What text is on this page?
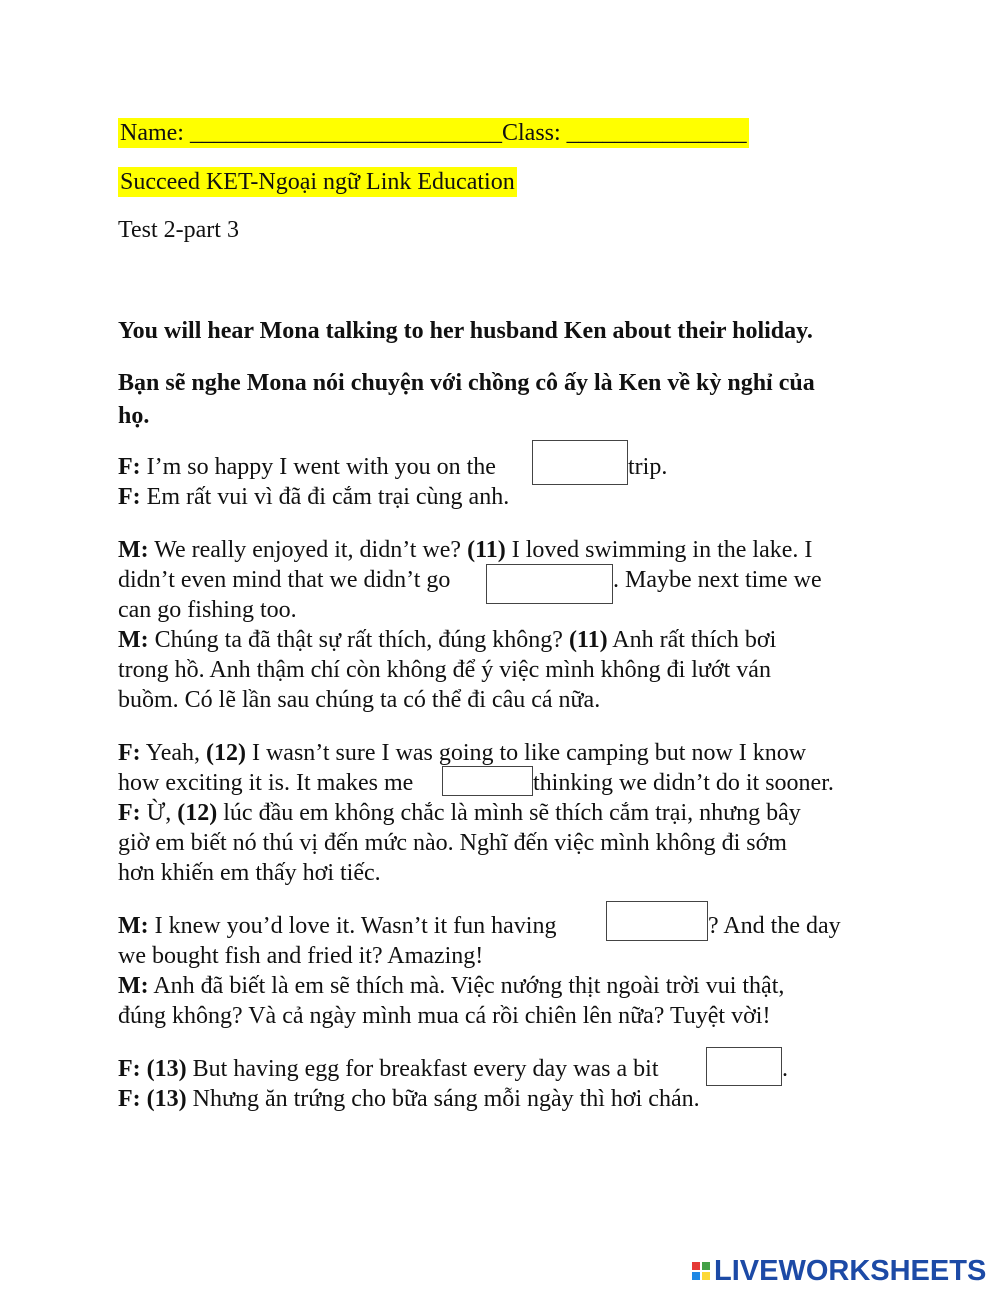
Name: __________________________Class: _______________
Succeed KET-Ngoại ngữ Link Education
Test 2-part 3
You will hear Mona talking to her husband Ken about their holiday.
Bạn sẽ nghe Mona nói chuyện với chồng cô ấy là Ken về kỳ nghỉ của
họ.
F: I’m so happy I went with you on the	trip.
F: Em rất vui vì đã đi cắm trại cùng anh.
M: We really enjoyed it, didn’t we? (11) I loved swimming in the lake. I
didn’t even mind that we didn’t go	. Maybe next time we
can go fishing too.
M: Chúng ta đã thật sự rất thích, đúng không? (11) Anh rất thích bơi
trong hồ. Anh thậm chí còn không để ý việc mình không đi lướt ván
buồm. Có lẽ lần sau chúng ta có thể đi câu cá nữa.
F: Yeah, (12) I wasn’t sure I was going to like camping but now I know
how exciting it is. It makes me	thinking we didn’t do it sooner.
F: Ừ, (12) lúc đầu em không chắc là mình sẽ thích cắm trại, nhưng bây
giờ em biết nó thú vị đến mức nào. Nghĩ đến việc mình không đi sớm
hơn khiến em thấy hơi tiếc.
M: I knew you’d love it. Wasn’t it fun having	? And the day
we bought fish and fried it? Amazing!
M: Anh đã biết là em sẽ thích mà. Việc nướng thịt ngoài trời vui thật,
đúng không? Và cả ngày mình mua cá rồi chiên lên nữa? Tuyệt vời!
F: (13) But having egg for breakfast every day was a bit	.
F: (13) Nhưng ăn trứng cho bữa sáng mỗi ngày thì hơi chán.
LIVEWORKSHEETS
